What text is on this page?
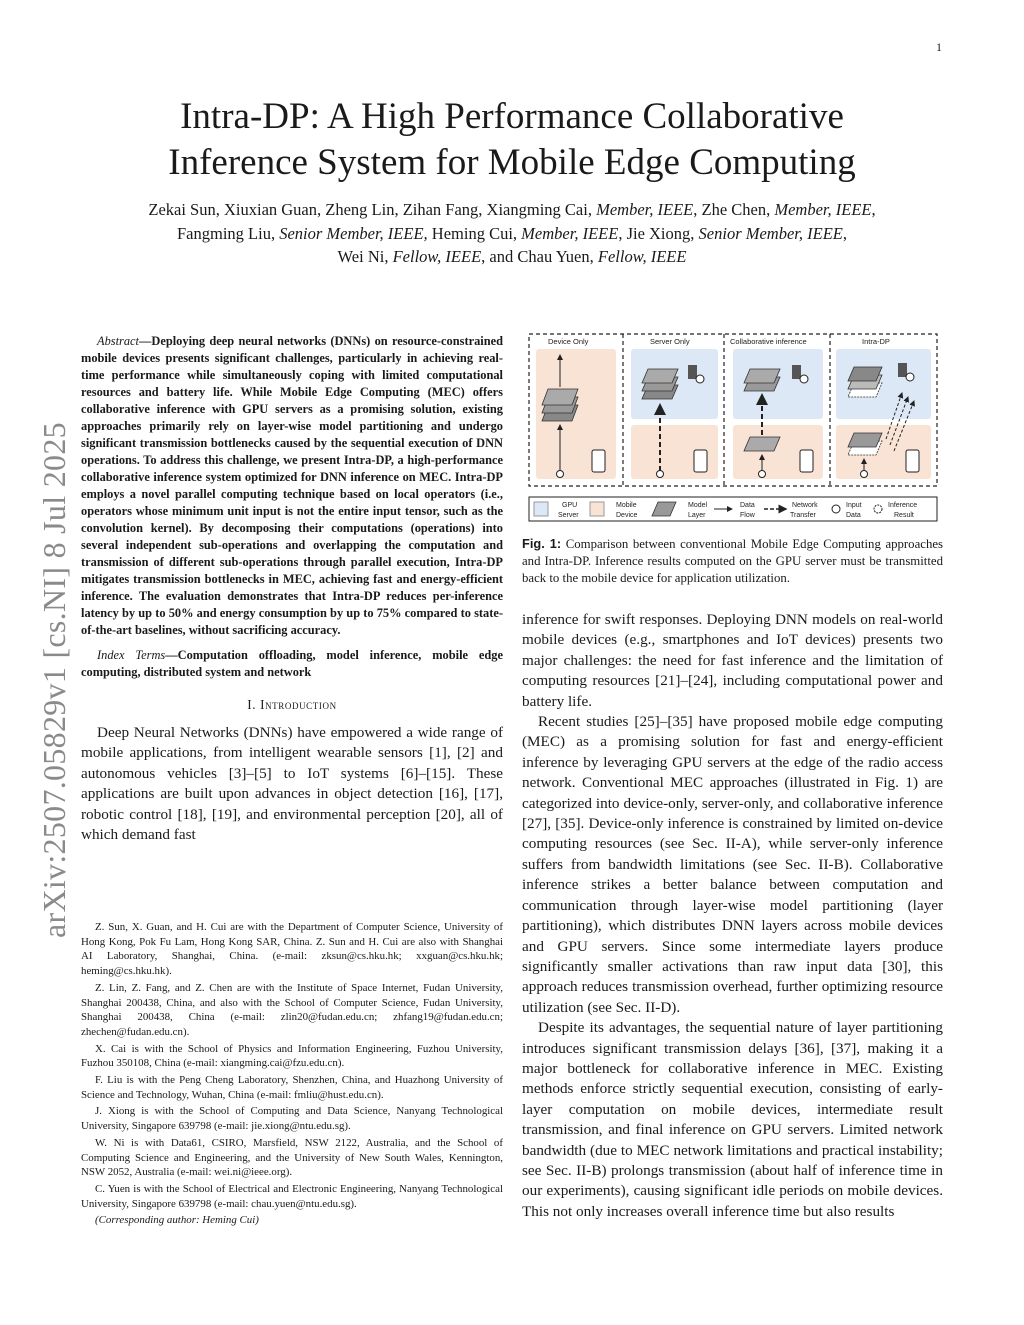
1
arXiv:2507.05829v1 [cs.NI] 8 Jul 2025
Intra-DP: A High Performance Collaborative
Inference System for Mobile Edge Computing
Zekai Sun, Xiuxian Guan, Zheng Lin, Zihan Fang, Xiangming Cai, Member, IEEE, Zhe Chen, Member, IEEE,
Fangming Liu, Senior Member, IEEE, Heming Cui, Member, IEEE, Jie Xiong, Senior Member, IEEE,
Wei Ni, Fellow, IEEE, and Chau Yuen, Fellow, IEEE

Abstract—Deploying deep neural networks (DNNs) on resource-constrained mobile devices presents significant challenges, particularly in achieving real-time performance while simultaneously coping with limited computational resources and battery life. While Mobile Edge Computing (MEC) offers collaborative inference with GPU servers as a promising solution, existing approaches primarily rely on layer-wise model partitioning and undergo significant transmission bottlenecks caused by the sequential execution of DNN operations. To address this challenge, we present Intra-DP, a high-performance collaborative inference system optimized for DNN inference on MEC. Intra-DP employs a novel parallel computing technique based on local operators (i.e., operators whose minimum unit input is not the entire input tensor, such as the convolution kernel). By decomposing their computations (operations) into several independent sub-operations and overlapping the computation and transmission of different sub-operations through parallel execution, Intra-DP mitigates transmission bottlenecks in MEC, achieving fast and energy-efficient inference. The evaluation demonstrates that Intra-DP reduces per-inference latency by up to 50% and energy consumption by up to 75% compared to state-of-the-art baselines, without sacrificing accuracy.

Index Terms—Computation offloading, model inference, mobile edge computing, distributed system and network

I. Introduction

Deep Neural Networks (DNNs) have empowered a wide range of mobile applications, from intelligent wearable sensors [1], [2] and autonomous vehicles [3]–[5] to IoT systems [6]–[15]. These applications are built upon advances in object detection [16], [17], robotic control [18], [19], and environmental perception [20], all of which demand fast

Z. Sun, X. Guan, and H. Cui are with the Department of Computer Science, University of Hong Kong, Pok Fu Lam, Hong Kong SAR, China. Z. Sun and H. Cui are also with Shanghai AI Laboratory, Shanghai, China. (e-mail: zksun@cs.hku.hk; xxguan@cs.hku.hk; heming@cs.hku.hk).

Z. Lin, Z. Fang, and Z. Chen are with the Institute of Space Internet, Fudan University, Shanghai 200438, China, and also with the School of Computer Science, Fudan University, Shanghai 200438, China (e-mail: zlin20@fudan.edu.cn; zhfang19@fudan.edu.cn; zhechen@fudan.edu.cn).

X. Cai is with the School of Physics and Information Engineering, Fuzhou University, Fuzhou 350108, China (e-mail: xiangming.cai@fzu.edu.cn).

F. Liu is with the Peng Cheng Laboratory, Shenzhen, China, and Huazhong University of Science and Technology, Wuhan, China (e-mail: fmliu@hust.edu.cn).

J. Xiong is with the School of Computing and Data Science, Nanyang Technological University, Singapore 639798 (e-mail: jie.xiong@ntu.edu.sg).

W. Ni is with Data61, CSIRO, Marsfield, NSW 2122, Australia, and the School of Computing Science and Engineering, and the University of New South Wales, Kennington, NSW 2052, Australia (e-mail: wei.ni@ieee.org).

C. Yuen is with the School of Electrical and Electronic Engineering, Nanyang Technological University, Singapore 639798 (e-mail: chau.yuen@ntu.edu.sg).

(Corresponding author: Heming Cui)

Device Only	Server Only	Collaborative inference	Intra-DP
GPU
Server
Mobile
Device
Model
Layer
Data
Flow
Network
Transfer
Input
Data
Inference
Result

Fig. 1: Comparison between conventional Mobile Edge Computing approaches and Intra-DP. Inference results computed on the GPU server must be transmitted back to the mobile device for application utilization.

inference for swift responses. Deploying DNN models on real-world mobile devices (e.g., smartphones and IoT devices) presents two major challenges: the need for fast inference and the limitation of computing resources [21]–[24], including computational power and battery life.

Recent studies [25]–[35] have proposed mobile edge computing (MEC) as a promising solution for fast and energy-efficient inference by leveraging GPU servers at the edge of the radio access network. Conventional MEC approaches (illustrated in Fig. 1) are categorized into device-only, server-only, and collaborative inference [27], [35]. Device-only inference is constrained by limited on-device computing resources (see Sec. II-A), while server-only inference suffers from bandwidth limitations (see Sec. II-B). Collaborative inference strikes a better balance between computation and communication through layer-wise model partitioning (layer partitioning), which distributes DNN layers across mobile devices and GPU servers. Since some intermediate layers produce significantly smaller activations than raw input data [30], this approach reduces transmission overhead, further optimizing resource utilization (see Sec. II-D).

Despite its advantages, the sequential nature of layer partitioning introduces significant transmission delays [36], [37], making it a major bottleneck for collaborative inference in MEC. Existing methods enforce strictly sequential execution, consisting of early-layer computation on mobile devices, intermediate result transmission, and final inference on GPU servers. Limited network bandwidth (due to MEC network limitations and practical instability; see Sec. II-B) prolongs transmission (about half of inference time in our experiments), causing significant idle periods on mobile devices. This not only increases overall inference time but also results
